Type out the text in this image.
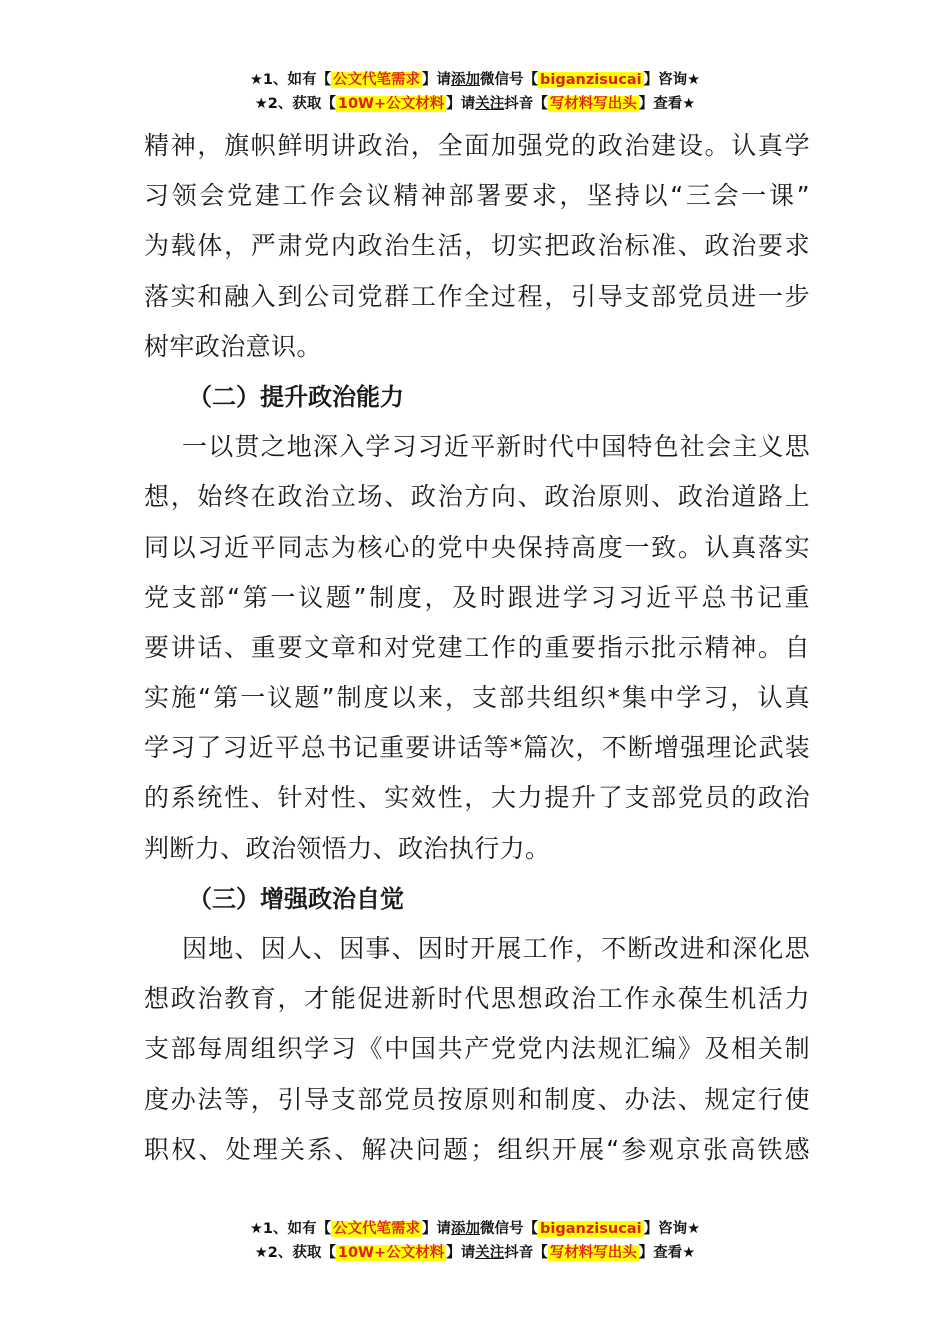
★1、如有【 公文代笔需求 】请添加微信号【 biganzisucai 】咨询★
★2、获取【 10W+公文材料 】请关注抖音【 写材料写出头 】查看★
精神，旗帜鲜明讲政治，全面加强党的政治建设。认真学
习领会党建工作会议精神部署要求，坚持以“三会一课”
为载体，严肃党内政治生活，切实把政治标准、政治要求
落实和融入到公司党群工作全过程，引导支部党员进一步
树牢政治意识。
（二）提升政治能力
一以贯之地深入学习习近平新时代中国特色社会主义思
想，始终在政治立场、政治方向、政治原则、政治道路上
同以习近平同志为核心的党中央保持高度一致。认真落实
党支部“第一议题”制度，及时跟进学习习近平总书记重
要讲话、重要文章和对党建工作的重要指示批示精神。自
实施“第一议题”制度以来，支部共组织*集中学习，认真
学习了习近平总书记重要讲话等*篇次，不断增强理论武装
的系统性、针对性、实效性，大力提升了支部党员的政治
判断力、政治领悟力、政治执行力。
（三）增强政治自觉
因地、因人、因事、因时开展工作，不断改进和深化思
想政治教育，才能促进新时代思想政治工作永葆生机活力
支部每周组织学习《中国共产党党内法规汇编》及相关制
度办法等，引导支部党员按原则和制度、办法、规定行使
职权、处理关系、解决问题；组织开展“参观京张高铁感
★1、如有【 公文代笔需求 】请添加微信号【 biganzisucai 】咨询★
★2、获取【 10W+公文材料 】请关注抖音【 写材料写出头 】查看★
